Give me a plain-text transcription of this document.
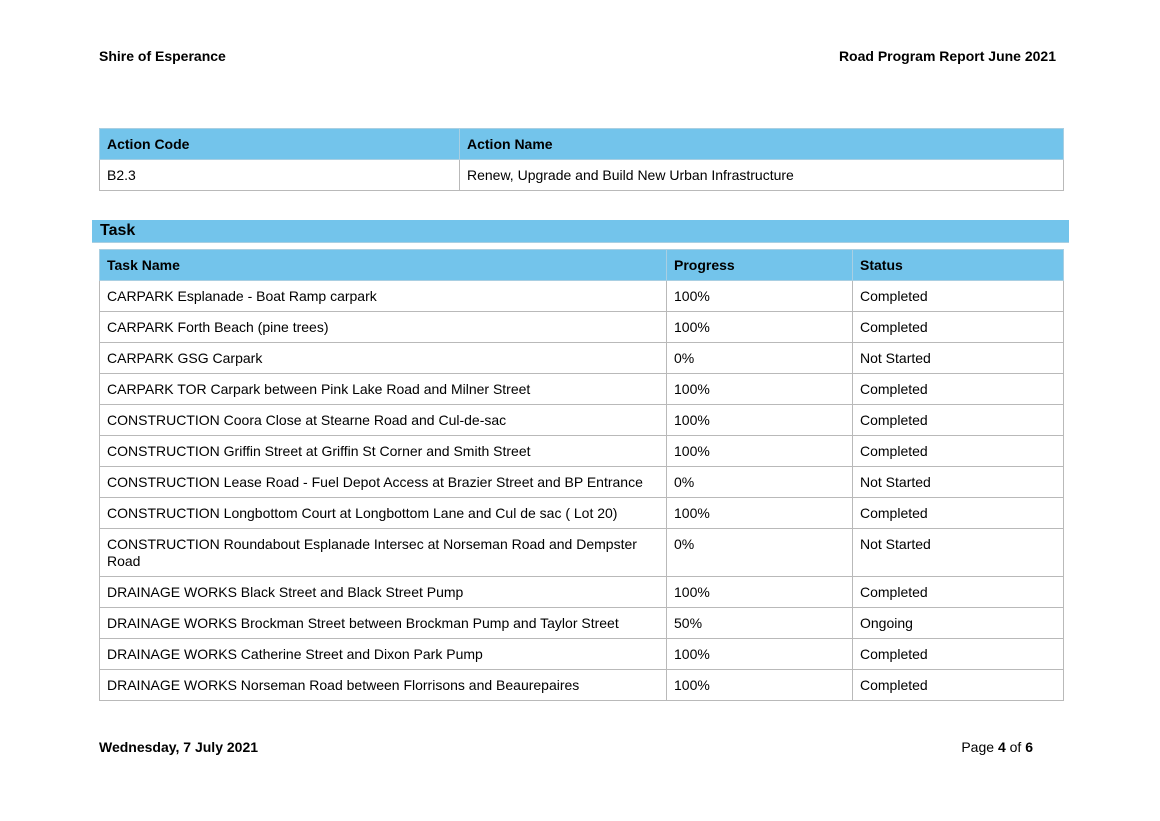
Shire of Esperance	Road Program Report June 2021
Action Code	Action Name
B2.3	Renew, Upgrade and Build New Urban Infrastructure
Task
Task Name	Progress	Status
CARPARK Esplanade - Boat Ramp carpark	100%	Completed
CARPARK Forth Beach (pine trees)	100%	Completed
CARPARK GSG Carpark	0%	Not Started
CARPARK TOR Carpark between Pink Lake Road and Milner Street	100%	Completed
CONSTRUCTION Coora Close at Stearne Road and Cul-de-sac	100%	Completed
CONSTRUCTION Griffin Street at Griffin St Corner and Smith Street	100%	Completed
CONSTRUCTION Lease Road - Fuel Depot Access at Brazier Street and BP Entrance	0%	Not Started
CONSTRUCTION Longbottom Court at Longbottom Lane and Cul de sac ( Lot 20)	100%	Completed
CONSTRUCTION Roundabout Esplanade Intersec at Norseman Road and Dempster Road	0%	Not Started
DRAINAGE WORKS Black Street and Black Street Pump	100%	Completed
DRAINAGE WORKS Brockman Street between Brockman Pump and Taylor Street	50%	Ongoing
DRAINAGE WORKS Catherine Street and Dixon Park Pump	100%	Completed
DRAINAGE WORKS Norseman Road between Florrisons and Beaurepaires	100%	Completed
Wednesday, 7 July 2021	Page 4 of 6
